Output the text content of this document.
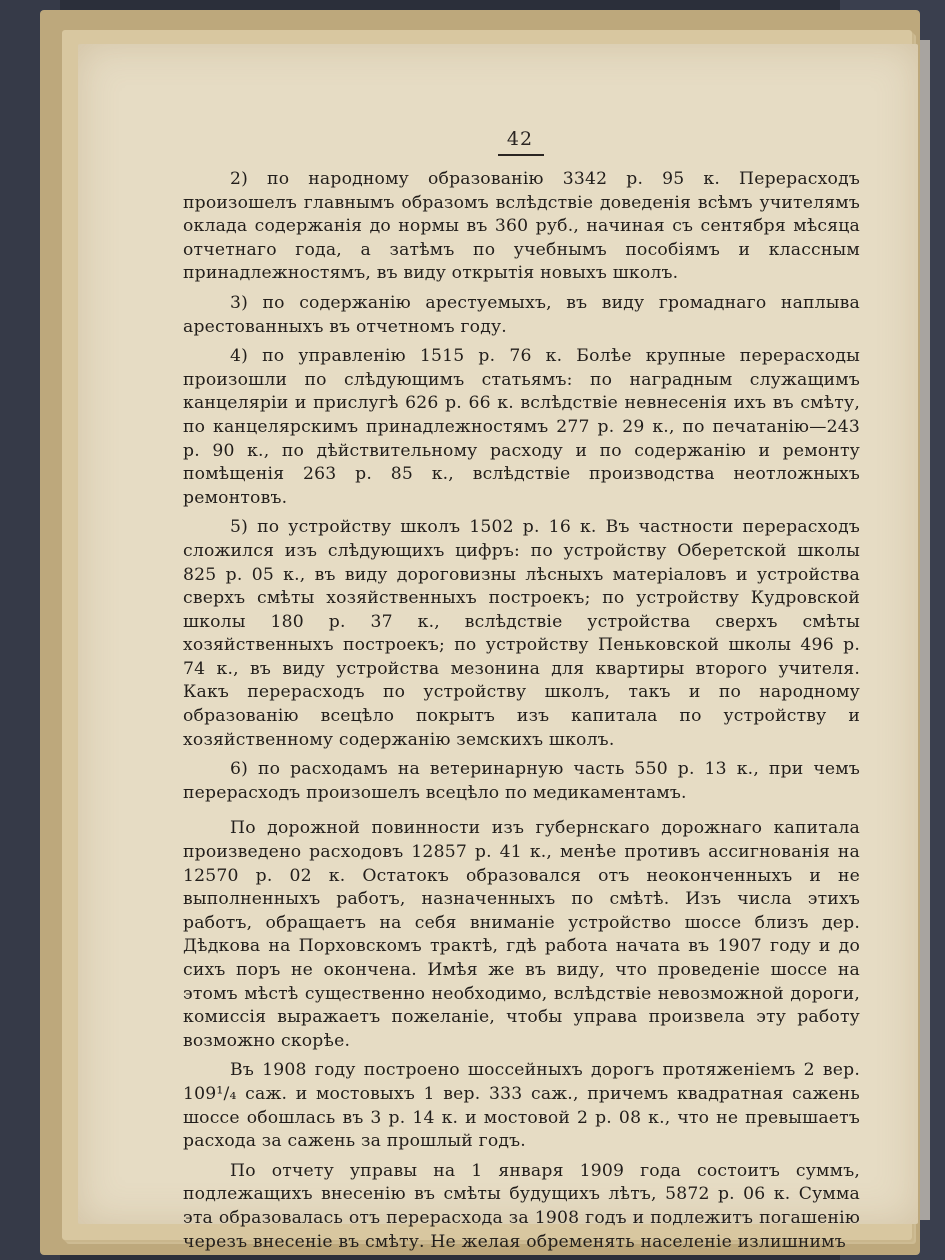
42

2) по народному образованію 3342 р. 95 к. Перерасходъ произошелъ главнымъ образомъ вслѣдствіе доведенія всѣмъ учителямъ оклада содержанія до нормы въ 360 руб., начиная съ сентября мѣсяца отчетнаго года, а затѣмъ по учебнымъ пособіямъ и классным принадлежностямъ, въ виду открытія новыхъ школъ.

3) по содержанію арестуемыхъ, въ виду громаднаго наплыва арестованныхъ въ отчетномъ году.

4) по управленію 1515 р. 76 к. Болѣе крупные перерасходы произошли по слѣдующимъ статьямъ: по наградным служащимъ канцеляріи и прислугѣ 626 р. 66 к. вслѣдствіе невнесенія ихъ въ смѣту, по канцелярскимъ принадлежностямъ 277 р. 29 к., по печатанію—243 р. 90 к., по дѣйствительному расходу и по содержанію и ремонту помѣщенія 263 р. 85 к., вслѣдствіе производства неотложныхъ ремонтовъ.

5) по устройству школъ 1502 р. 16 к. Въ частности перерасходъ сложился изъ слѣдующихъ цифръ: по устройству Оберетской школы 825 р. 05 к., въ виду дороговизны лѣсныхъ матеріаловъ и устройства сверхъ смѣты хозяйственныхъ построекъ; по устройству Кудровской школы 180 р. 37 к., вслѣдствіе устройства сверхъ смѣты хозяйственныхъ построекъ; по устройству Пеньковской школы 496 р. 74 к., въ виду устройства мезонина для квартиры второго учителя. Какъ перерасходъ по устройству школъ, такъ и по народному образованію всецѣло покрытъ изъ капитала по устройству и хозяйственному содержанію земскихъ школъ.

6) по расходамъ на ветеринарную часть 550 р. 13 к., при чемъ перерасходъ произошелъ всецѣло по медикаментамъ.

По дорожной повинности изъ губернскаго дорожнаго капитала произведено расходовъ 12857 р. 41 к., менѣе противъ ассигнованія на 12570 р. 02 к. Остатокъ образовался отъ неоконченныхъ и не выполненныхъ работъ, назначенныхъ по смѣтѣ. Изъ числа этихъ работъ, обращаетъ на себя вниманіе устройство шоссе близъ дер. Дѣдкова на Порховскомъ трактѣ, гдѣ работа начата въ 1907 году и до сихъ поръ не окончена. Имѣя же въ виду, что проведеніе шоссе на этомъ мѣстѣ существенно необходимо, вслѣдствіе невозможной дороги, комиссія выражаетъ пожеланіе, чтобы управа произвела эту работу возможно скорѣе.

Въ 1908 году построено шоссейныхъ дорогъ протяженіемъ 2 вер. 109¹/₄ саж. и мостовыхъ 1 вер. 333 саж., причемъ квадратная сажень шоссе обошлась въ 3 р. 14 к. и мостовой 2 р. 08 к., что не превышаетъ расхода за сажень за прошлый годъ.

По отчету управы на 1 января 1909 года состоитъ суммъ, подлежащихъ внесенію въ смѣты будущихъ лѣтъ, 5872 р. 06 к. Сумма эта образовалась отъ перерасхода за 1908 годъ и подлежитъ погашенію черезъ внесеніе въ смѣту. Не желая обременять населеніе излишнимъ
